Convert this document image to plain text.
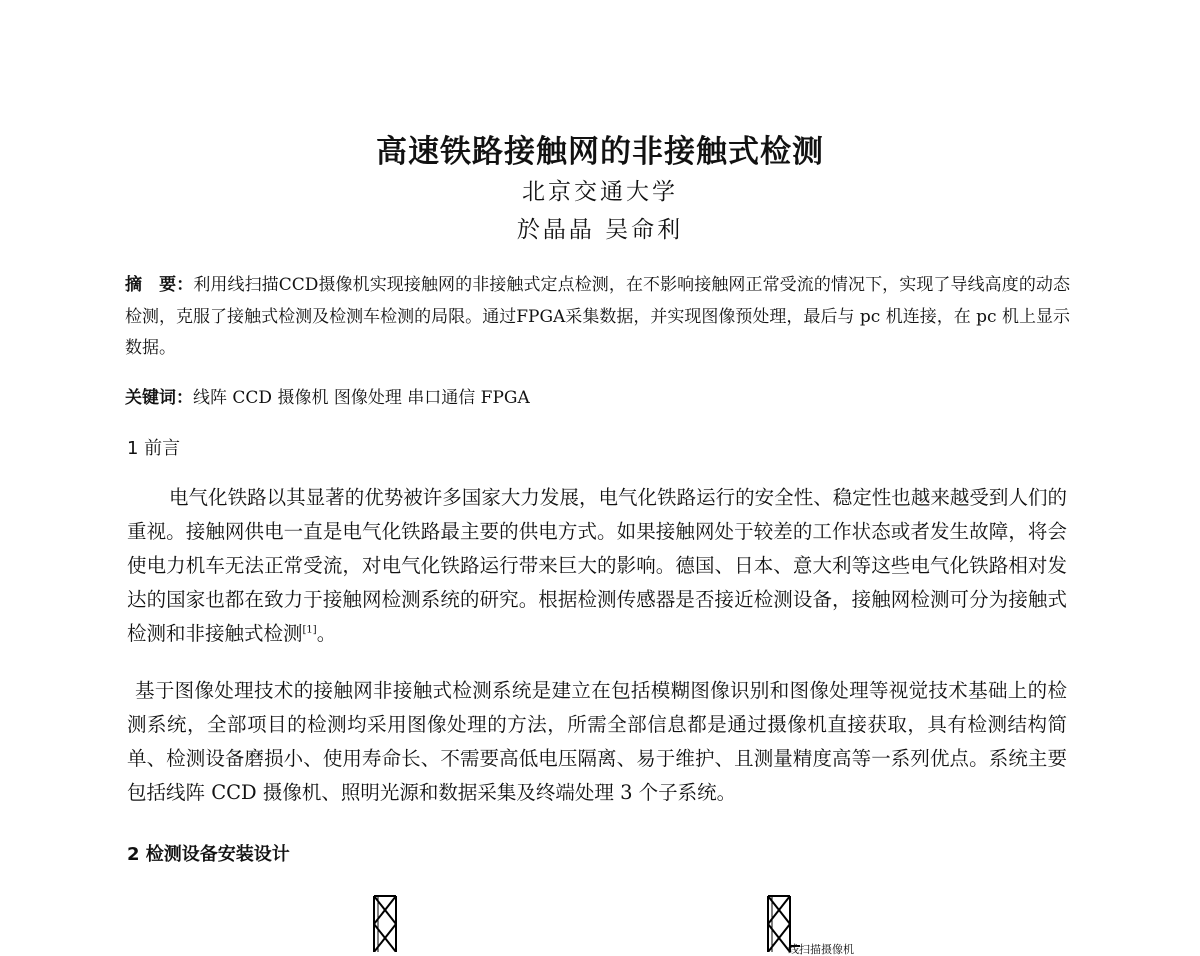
高速铁路接触网的非接触式检测
北京交通大学
於晶晶 吴命利
摘　要：利用线扫描CCD摄像机实现接触网的非接触式定点检测，在不影响接触网正常受流的情况下，实现了导线高度的动态检测，克服了接触式检测及检测车检测的局限。通过FPGA采集数据，并实现图像预处理，最后与 pc 机连接，在 pc 机上显示数据。
关键词：线阵 CCD 摄像机 图像处理 串口通信 FPGA
1 前言
电气化铁路以其显著的优势被许多国家大力发展，电气化铁路运行的安全性、稳定性也越来越受到人们的重视。接触网供电一直是电气化铁路最主要的供电方式。如果接触网处于较差的工作状态或者发生故障，将会使电力机车无法正常受流，对电气化铁路运行带来巨大的影响。德国、日本、意大利等这些电气化铁路相对发达的国家也都在致力于接触网检测系统的研究。根据检测传感器是否接近检测设备，接触网检测可分为接触式检测和非接触式检测[1]。
基于图像处理技术的接触网非接触式检测系统是建立在包括模糊图像识别和图像处理等视觉技术基础上的检测系统，全部项目的检测均采用图像处理的方法，所需全部信息都是通过摄像机直接获取，具有检测结构简单、检测设备磨损小、使用寿命长、不需要高低电压隔离、易于维护、且测量精度高等一系列优点。系统主要包括线阵 CCD 摄像机、照明光源和数据采集及终端处理 3 个子系统。
2 检测设备安装设计
线扫描摄像机
